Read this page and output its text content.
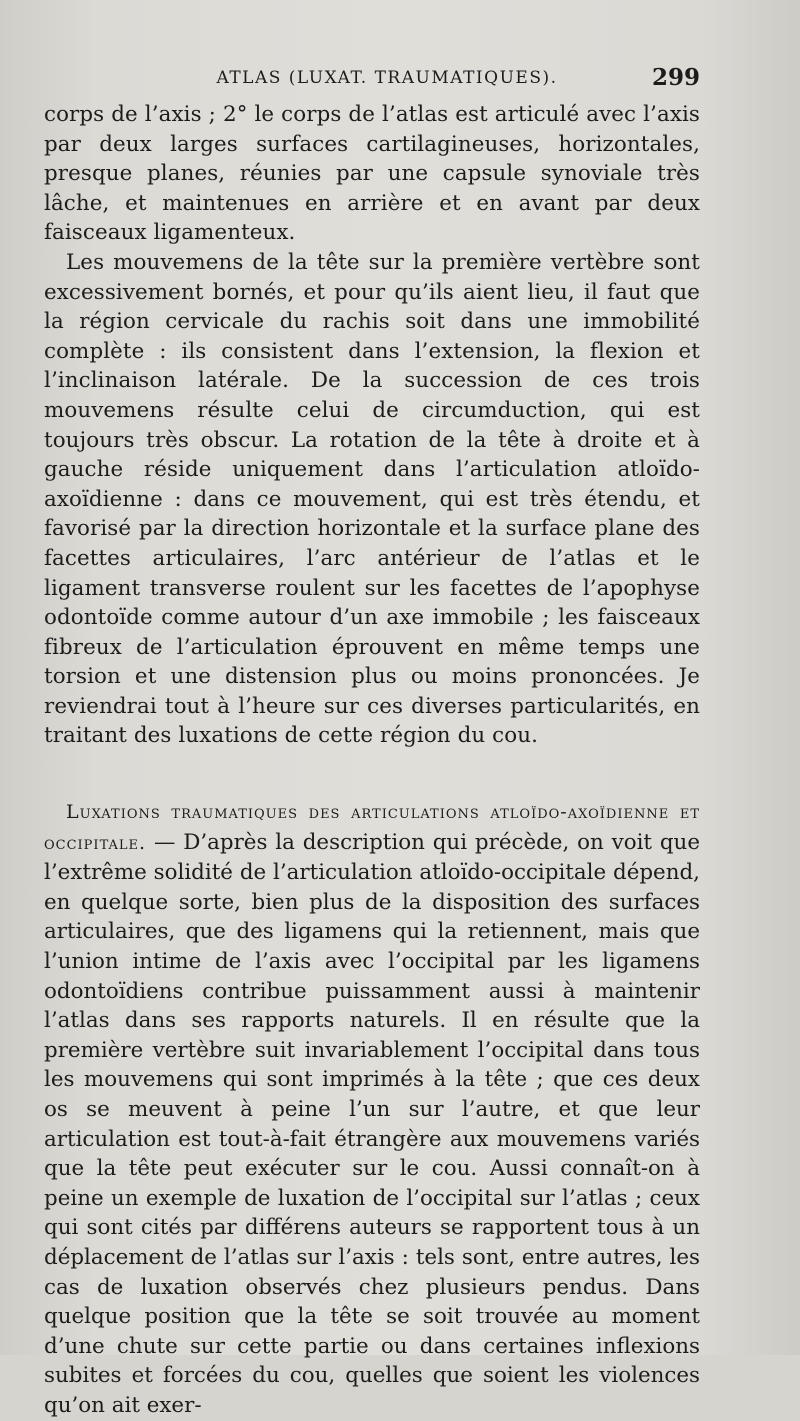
ATLAS (LUXAT. TRAUMATIQUES).	299

corps de l’axis ; 2° le corps de l’atlas est articulé avec l’axis par deux larges surfaces cartilagineuses, horizontales, presque planes, réunies par une capsule synoviale très lâche, et maintenues en arrière et en avant par deux faisceaux ligamenteux.

Les mouvemens de la tête sur la première vertèbre sont excessivement bornés, et pour qu’ils aient lieu, il faut que la région cervicale du rachis soit dans une immobilité complète : ils consistent dans l’extension, la flexion et l’inclinaison latérale. De la succession de ces trois mouvemens résulte celui de circumduction, qui est toujours très obscur. La rotation de la tête à droite et à gauche réside uniquement dans l’articulation atloïdo-axoïdienne : dans ce mouvement, qui est très étendu, et favorisé par la direction horizontale et la surface plane des facettes articulaires, l’arc antérieur de l’atlas et le ligament transverse roulent sur les facettes de l’apophyse odontoïde comme autour d’un axe immobile ; les faisceaux fibreux de l’articulation éprouvent en même temps une torsion et une distension plus ou moins prononcées. Je reviendrai tout à l’heure sur ces diverses particularités, en traitant des luxations de cette région du cou.

Luxations traumatiques des articulations atloïdo-axoïdienne et occipitale. — D’après la description qui précède, on voit que l’extrême solidité de l’articulation atloïdo-occipitale dépend, en quelque sorte, bien plus de la disposition des surfaces articulaires, que des ligamens qui la retiennent, mais que l’union intime de l’axis avec l’occipital par les ligamens odontoïdiens contribue puissamment aussi à maintenir l’atlas dans ses rapports naturels. Il en résulte que la première vertèbre suit invariablement l’occipital dans tous les mouvemens qui sont imprimés à la tête ; que ces deux os se meuvent à peine l’un sur l’autre, et que leur articulation est tout-à-fait étrangère aux mouvemens variés que la tête peut exécuter sur le cou. Aussi connaît-on à peine un exemple de luxation de l’occipital sur l’atlas ; ceux qui sont cités par différens auteurs se rapportent tous à un déplacement de l’atlas sur l’axis : tels sont, entre autres, les cas de luxation observés chez plusieurs pendus. Dans quelque position que la tête se soit trouvée au moment d’une chute sur cette partie ou dans certaines inflexions subites et forcées du cou, quelles que soient les violences qu’on ait exer-
